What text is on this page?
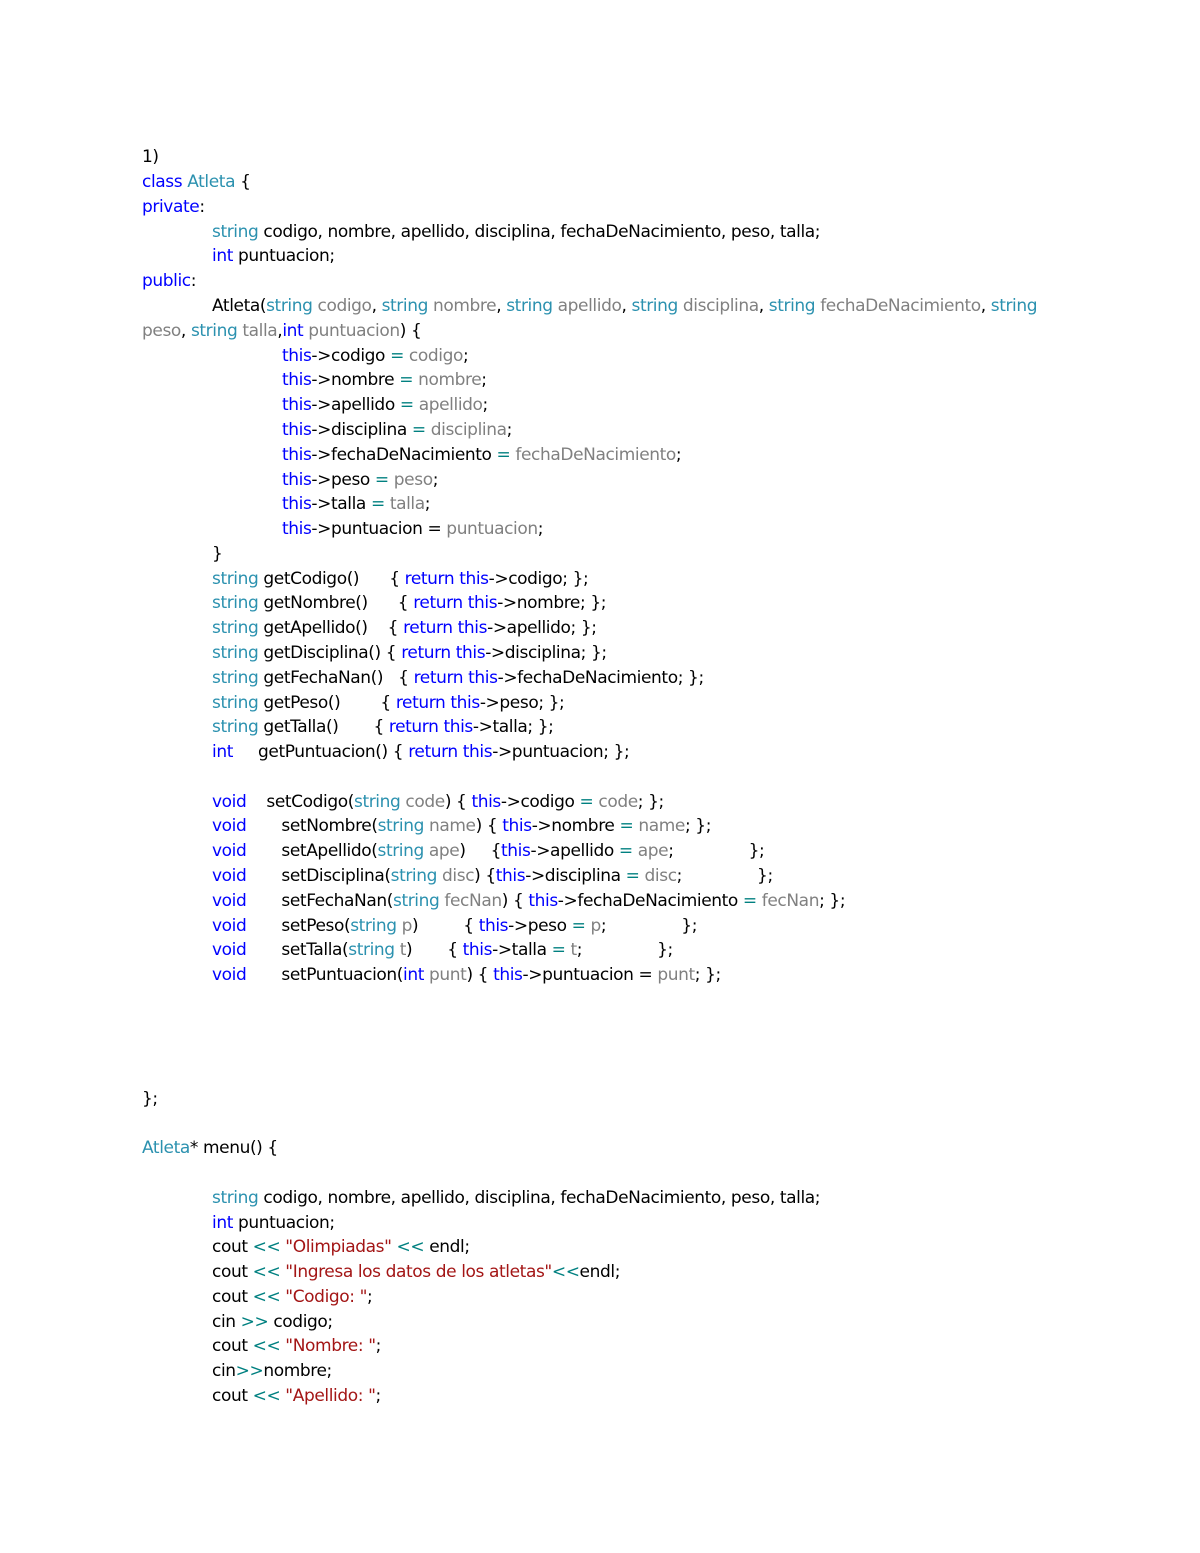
1)
class Atleta {
private:
string codigo, nombre, apellido, disciplina, fechaDeNacimiento, peso, talla;
int puntuacion;
public:
Atleta(string codigo, string nombre, string apellido, string disciplina, string fechaDeNacimiento, string
peso, string talla,int puntuacion) {
this->codigo = codigo;
this->nombre = nombre;
this->apellido = apellido;
this->disciplina = disciplina;
this->fechaDeNacimiento = fechaDeNacimiento;
this->peso = peso;
this->talla = talla;
this->puntuacion = puntuacion;
}
string getCodigo()      { return this->codigo; };
string getNombre()      { return this->nombre; };
string getApellido()    { return this->apellido; };
string getDisciplina() { return this->disciplina; };
string getFechaNan()   { return this->fechaDeNacimiento; };
string getPeso()        { return this->peso; };
string getTalla()       { return this->talla; };
int     getPuntuacion() { return this->puntuacion; };
void    setCodigo(string code) { this->codigo = code; };
void       setNombre(string name) { this->nombre = name; };
void       setApellido(string ape)     {this->apellido = ape;               };
void       setDisciplina(string disc) {this->disciplina = disc;               };
void       setFechaNan(string fecNan) { this->fechaDeNacimiento = fecNan; };
void       setPeso(string p)         { this->peso = p;               };
void       setTalla(string t)       { this->talla = t;               };
void       setPuntuacion(int punt) { this->puntuacion = punt; };
};
Atleta* menu() {
string codigo, nombre, apellido, disciplina, fechaDeNacimiento, peso, talla;
int puntuacion;
cout << "Olimpiadas" << endl;
cout << "Ingresa los datos de los atletas"<<endl;
cout << "Codigo: ";
cin >> codigo;
cout << "Nombre: ";
cin>>nombre;
cout << "Apellido: ";
